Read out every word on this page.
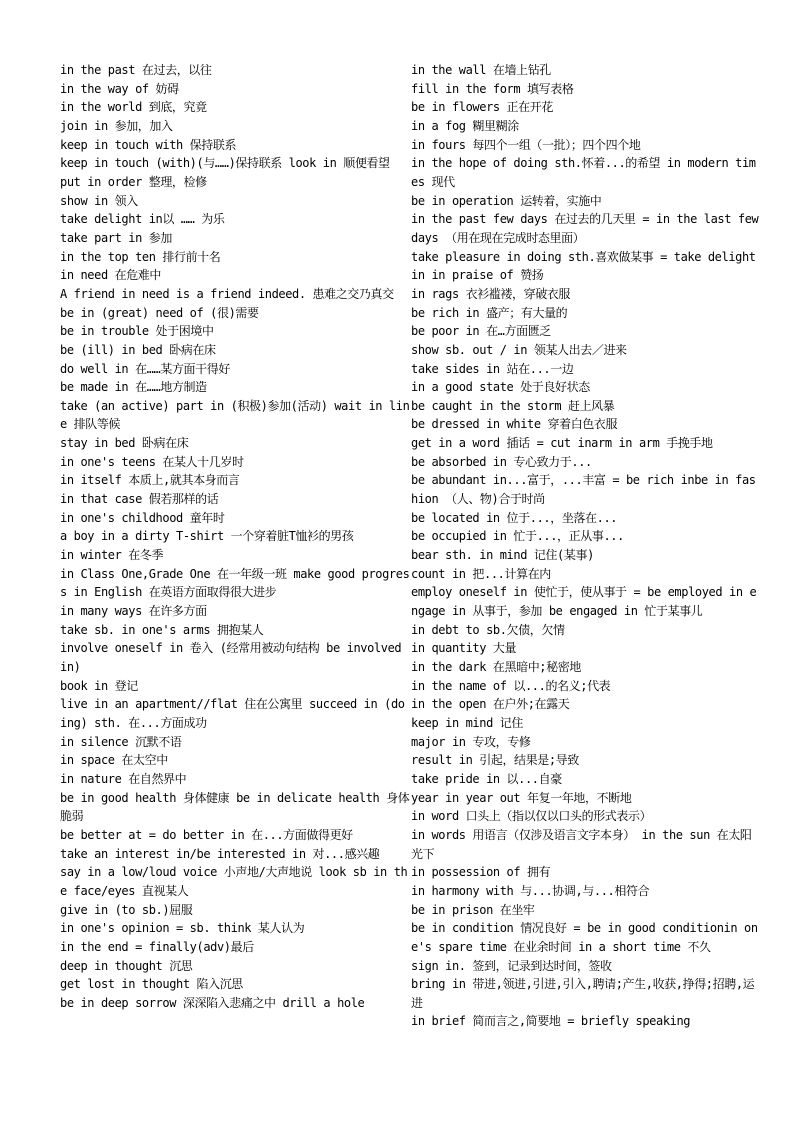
in the past 在过去，以往

in the way of 妨碍

in the world 到底，究竟

join in 参加，加入

keep in touch with 保持联系

keep in touch (with)(与……)保持联系 look in 顺便看望

put in order 整理，检修

show in 领入

take delight in以 …… 为乐

take part in 参加

in the top ten 排行前十名

in need 在危难中

A friend in need is a friend indeed. 患难之交乃真交

be in (great) need of (很)需要

be in trouble 处于困境中

be (ill) in bed 卧病在床

do well in 在……某方面干得好

be made in 在……地方制造

take (an active) part in (积极)参加(活动) wait in line 排队等候

stay in bed 卧病在床

in one's teens 在某人十几岁时

in itself 本质上,就其本身而言

in that case 假若那样的话

in one's childhood 童年时

a boy in a dirty T-shirt 一个穿着脏T恤衫的男孩

in winter 在冬季

in Class One,Grade One 在一年级一班 make good progress in English 在英语方面取得很大进步

in many ways 在许多方面

take sb. in one's arms 拥抱某人

involve oneself in 卷入 (经常用被动句结构 be involved in)

book in 登记

live in an apartment//flat 住在公寓里 succeed in (doing) sth. 在...方面成功

in silence 沉默不语

in space 在太空中

in nature 在自然界中

be in good health 身体健康 be in delicate health 身体脆弱

be better at = do better in 在...方面做得更好

take an interest in/be interested in 对...感兴趣

say in a low/loud voice 小声地/大声地说 look sb in the face/eyes 直视某人

give in (to sb.)屈服

in one's opinion = sb. think 某人认为

in the end = finally(adv)最后

deep in thought 沉思

get lost in thought 陷入沉思

be in deep sorrow 深深陷入悲痛之中 drill a hole

in the wall 在墙上钻孔

fill in the form 填写表格

be in flowers 正在开花

in a fog 糊里糊涂

in fours 每四个一组（一批）；四个四个地

in the hope of doing sth.怀着...的希望 in modern times 现代

be in operation 运转着，实施中

in the past few days 在过去的几天里 = in the last few days （用在现在完成时态里面）

take pleasure in doing sth.喜欢做某事 = take delight in in praise of 赞扬

in rags 衣衫褴褛，穿破衣服

be rich in 盛产；有大量的

be poor in 在…方面匮乏

show sb. out / in 领某人出去／进来

take sides in 站在...一边

in a good state 处于良好状态

be caught in the storm 赶上风暴

be dressed in white 穿着白色衣服

get in a word 插话 = cut inarm in arm 手挽手地

be absorbed in 专心致力于...

be abundant in...富于，...丰富 = be rich inbe in fashion （人、物)合于时尚

be located in 位于...，坐落在...

be occupied in 忙于...，正从事...

bear sth. in mind 记住(某事)

count in 把...计算在内

employ oneself in 使忙于，使从事于 = be employed in engage in 从事于，参加 be engaged in 忙于某事儿

in debt to sb.欠债，欠情

in quantity 大量

in the dark 在黑暗中;秘密地

in the name of 以...的名义;代表

in the open 在户外;在露天

keep in mind 记住

major in 专攻，专修

result in 引起，结果是;导致

take pride in 以...自豪

year in year out 年复一年地，不断地

in word 口头上（指以仅以口头的形式表示）

in words 用语言（仅涉及语言文字本身） in the sun 在太阳光下

in possession of 拥有

in harmony with 与...协调,与...相符合

be in prison 在坐牢

be in condition 情况良好 = be in good conditionin one's spare time 在业余时间 in a short time 不久

sign in. 签到，记录到达时间，签收

bring in 带进,领进,引进,引入,聘请;产生,收获,挣得;招聘,运进

in brief 简而言之,简要地 = briefly speaking
